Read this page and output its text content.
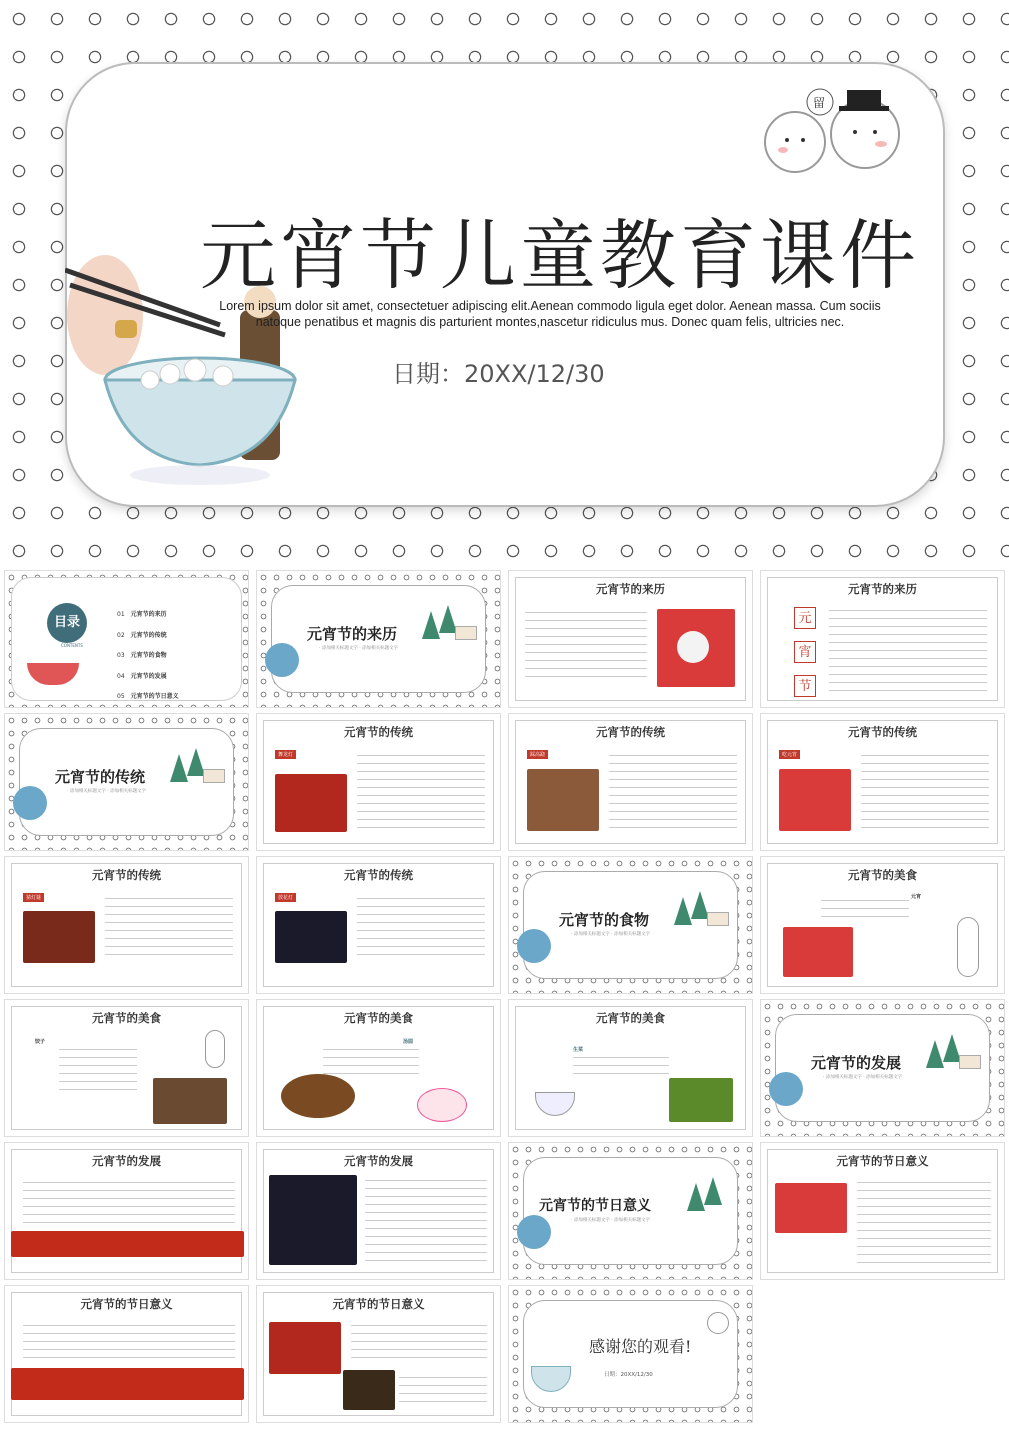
留
元宵节儿童教育课件

Lorem ipsum dolor sit amet, consectetuer adipiscing elit.Aenean commodo ligula eget dolor. Aenean massa. Cum sociis natoque penatibus et magnis dis parturient montes,nascetur ridiculus mus. Donec quam felis, ultricies nec.

日期：20XX/12/30
目录
CONTENTS
01　 元宵节的来历
02　 元宵节的传统
03　 元宵节的食物
04　 元宵节的发展
05　 元宵节的节日意义
元宵节的来历
· 添加相关标题文字 · 添加相关标题文字
元宵节的来历	元宵节的来历
元
宵
节
元宵节的传统
· 添加相关标题文字 · 添加相关标题文字
元宵节的传统
舞龙灯
元宵节的传统
踩高跷
元宵节的传统
吃元宵
元宵节的传统
猜灯谜
元宵节的传统
放花灯
元宵节的食物
· 添加相关标题文字 · 添加相关标题文字
元宵节的美食
元宵
元宵节的美食
饺子
元宵节的美食
汤圆
元宵节的美食
生菜
元宵节的发展
· 添加相关标题文字 · 添加相关标题文字
元宵节的发展	元宵节的发展
元宵节的节日意义
· 添加相关标题文字 · 添加相关标题文字
元宵节的节日意义
元宵节的节日意义	元宵节的节日意义
感谢您的观看!
日期：20XX/12/30
